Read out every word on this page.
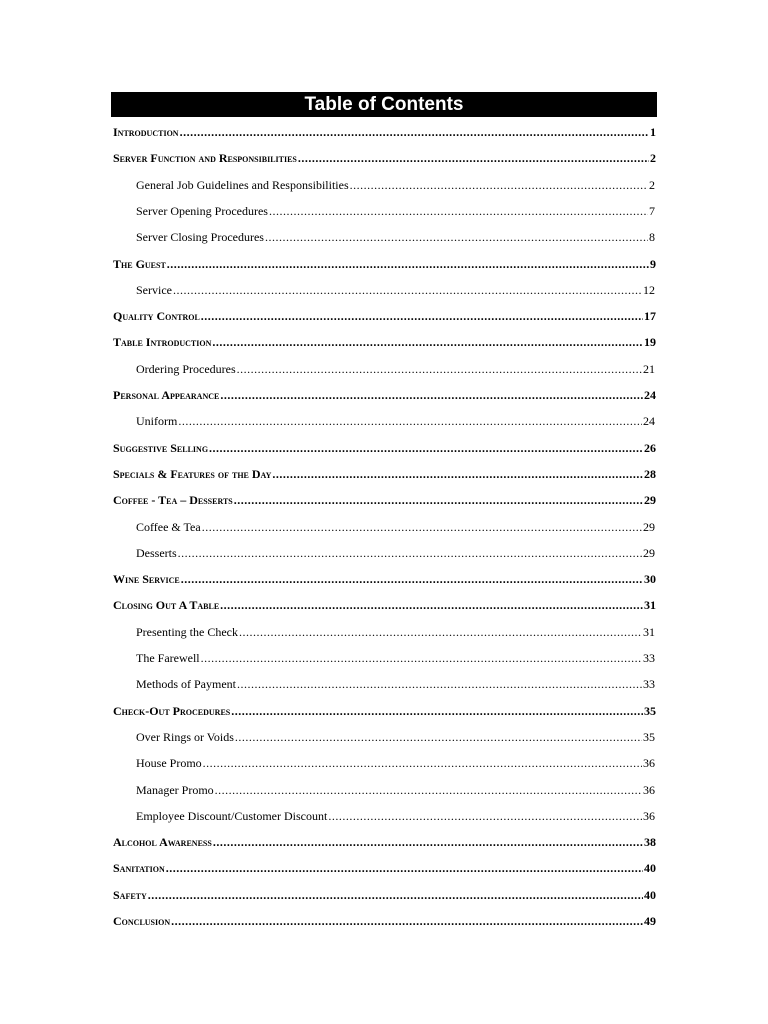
Table of Contents
Introduction .....	1
Server Function and Responsibilities .....	2
General Job Guidelines and Responsibilities .....	2
Server Opening Procedures .....	7
Server Closing Procedures .....	8
The Guest .....	9
Service .....	12
Quality Control .....	17
Table Introduction .....	19
Ordering Procedures .....	21
Personal Appearance .....	24
Uniform .....	24
Suggestive Selling .....	26
Specials & Features of the Day .....	28
Coffee - Tea – Desserts .....	29
Coffee & Tea .....	29
Desserts .....	29
Wine Service .....	30
Closing Out A Table .....	31
Presenting the Check .....	31
The Farewell .....	33
Methods of Payment .....	33
Check-Out Procedures .....	35
Over Rings or Voids .....	35
House Promo .....	36
Manager Promo .....	36
Employee Discount/Customer Discount .....	36
Alcohol Awareness .....	38
Sanitation .....	40
Safety .....	40
Conclusion .....	49
